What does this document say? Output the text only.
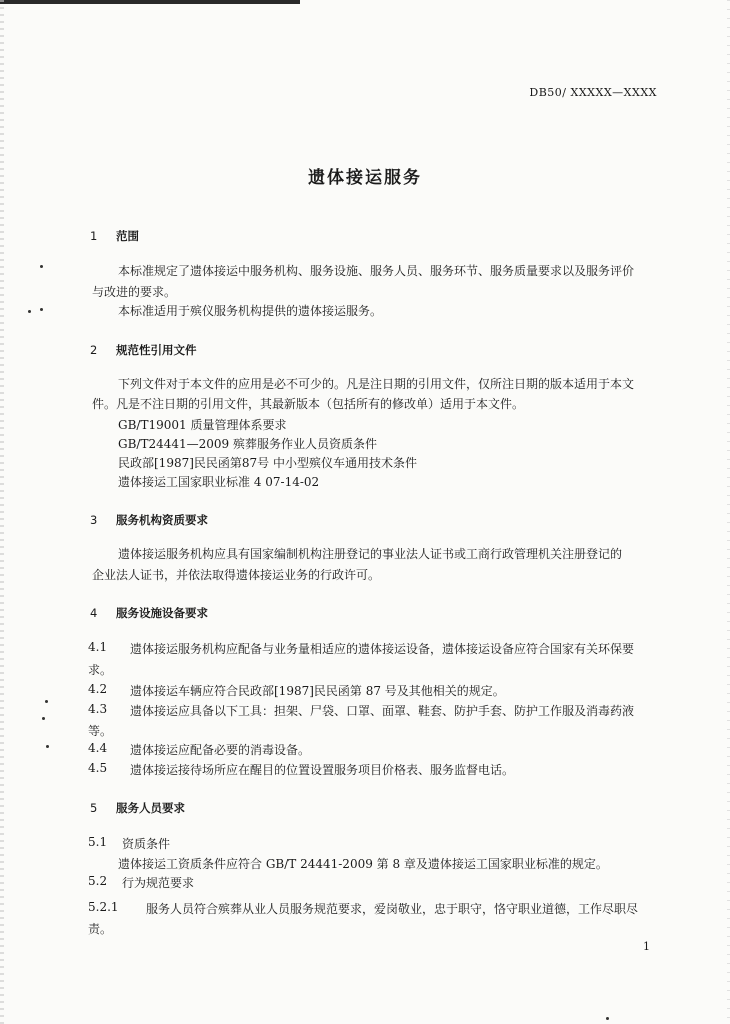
DB50/ XXXXX—XXXX
遗体接运服务
1 范围
本标准规定了遗体接运中服务机构、服务设施、服务人员、服务环节、服务质量要求以及服务评价
与改进的要求。
本标准适用于殡仪服务机构提供的遗体接运服务。
2 规范性引用文件
下列文件对于本文件的应用是必不可少的。凡是注日期的引用文件，仅所注日期的版本适用于本文
件。凡是不注日期的引用文件，其最新版本（包括所有的修改单）适用于本文件。
GB/T19001 质量管理体系要求
GB/T24441—2009 殡葬服务作业人员资质条件
民政部[1987]民民函第87号 中小型殡仪车通用技术条件
遗体接运工国家职业标准 4 07-14-02
3 服务机构资质要求
遗体接运服务机构应具有国家编制机构注册登记的事业法人证书或工商行政管理机关注册登记的
企业法人证书，并依法取得遗体接运业务的行政许可。
4 服务设施设备要求
4.1 遗体接运服务机构应配备与业务量相适应的遗体接运设备，遗体接运设备应符合国家有关环保要
求。
4.2 遗体接运车辆应符合民政部[1987]民民函第 87 号及其他相关的规定。
4.3 遗体接运应具备以下工具：担架、尸袋、口罩、面罩、鞋套、防护手套、防护工作服及消毒药液
等。
4.4 遗体接运应配备必要的消毒设备。
4.5 遗体接运接待场所应在醒目的位置设置服务项目价格表、服务监督电话。
5 服务人员要求
5.1 资质条件
遗体接运工资质条件应符合 GB/T 24441-2009 第 8 章及遗体接运工国家职业标准的规定。
5.2 行为规范要求
5.2.1 服务人员符合殡葬从业人员服务规范要求，爱岗敬业，忠于职守，恪守职业道德，工作尽职尽
责。
1
